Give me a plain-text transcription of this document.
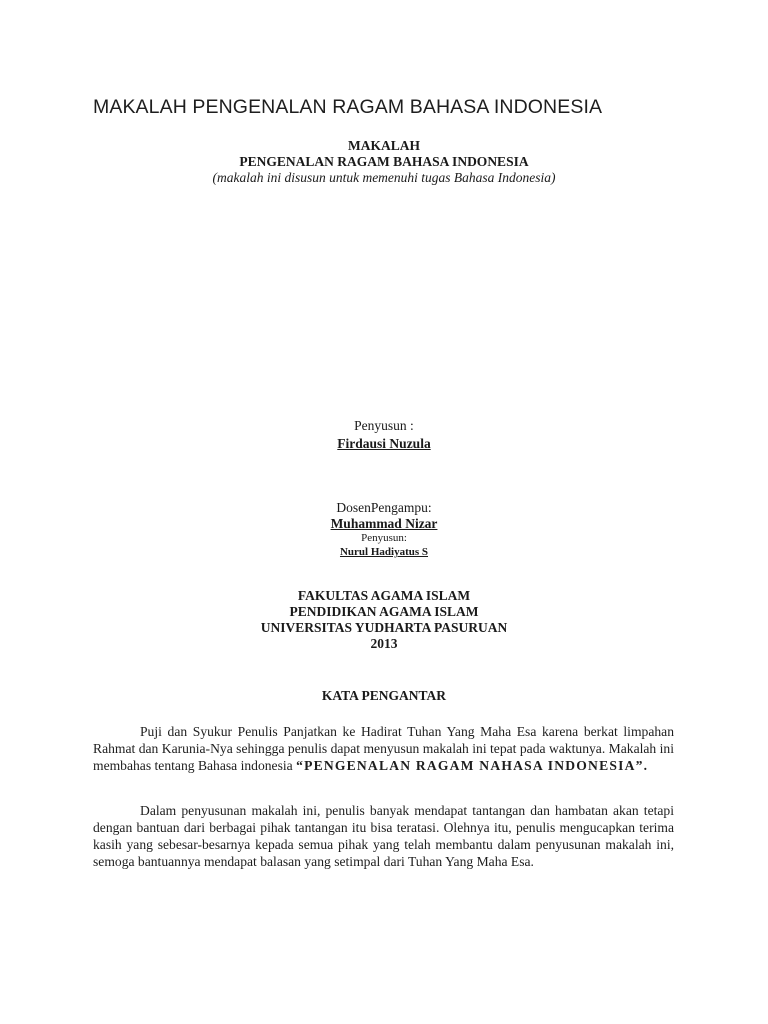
MAKALAH PENGENALAN RAGAM BAHASA INDONESIA
MAKALAH
PENGENALAN RAGAM BAHASA INDONESIA
(makalah ini disusun untuk memenuhi tugas Bahasa Indonesia)
Penyusun :
Firdausi Nuzula
DosenPengampu:
Muhammad Nizar
Penyusun:
Nurul Hadiyatus S
FAKULTAS AGAMA ISLAM
PENDIDIKAN AGAMA ISLAM
UNIVERSITAS YUDHARTA PASURUAN
2013
KATA PENGANTAR
Puji dan Syukur Penulis Panjatkan ke Hadirat Tuhan Yang Maha Esa karena berkat limpahan Rahmat dan Karunia-Nya sehingga penulis dapat menyusun makalah ini tepat pada waktunya. Makalah ini membahas tentang Bahasa indonesia “PENGENALAN RAGAM NAHASA INDONESIA”.
Dalam penyusunan makalah ini, penulis banyak mendapat tantangan dan hambatan akan tetapi dengan bantuan dari berbagai pihak tantangan itu bisa teratasi. Olehnya itu, penulis mengucapkan terima kasih yang sebesar-besarnya kepada semua pihak yang telah membantu dalam penyusunan makalah ini, semoga bantuannya mendapat balasan yang setimpal dari Tuhan Yang Maha Esa.
